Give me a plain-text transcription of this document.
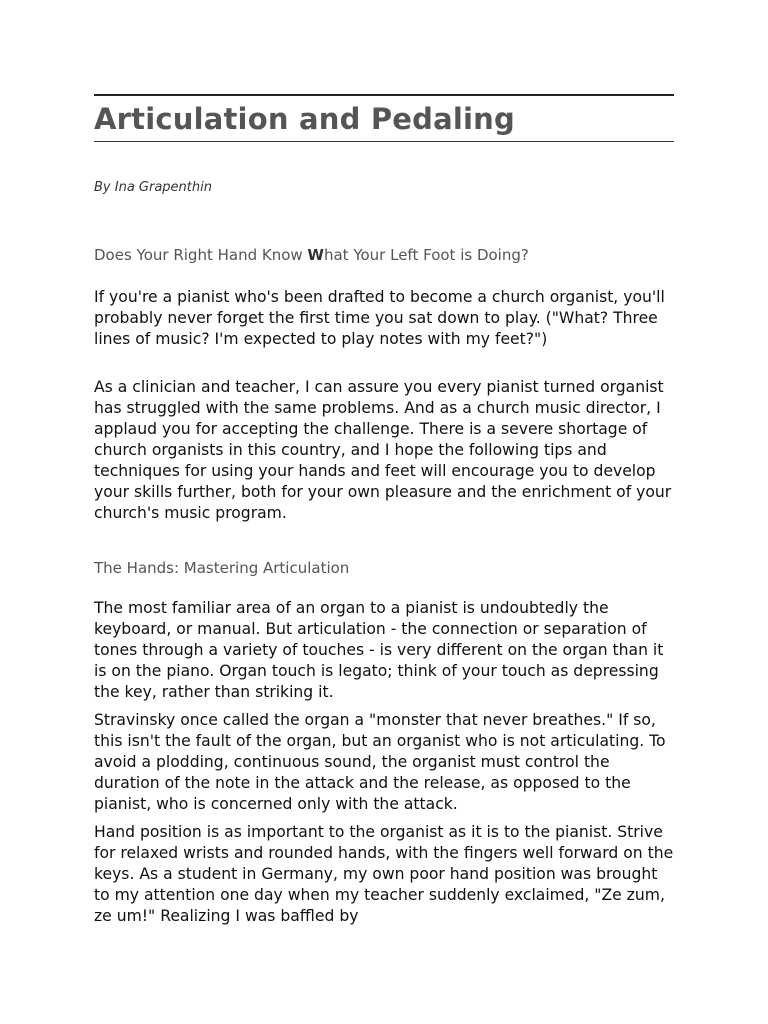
Articulation and Pedaling

By Ina Grapenthin

Does Your Right Hand Know What Your Left Foot is Doing?

If you're a pianist who's been drafted to become a church organist, you'll probably never forget the first time you sat down to play. ("What? Three lines of music? I'm expected to play notes with my feet?")

As a clinician and teacher, I can assure you every pianist turned organist has struggled with the same problems. And as a church music director, I applaud you for accepting the challenge. There is a severe shortage of church organists in this country, and I hope the following tips and techniques for using your hands and feet will encourage you to develop your skills further, both for your own pleasure and the enrichment of your church's music program.

The Hands: Mastering Articulation

The most familiar area of an organ to a pianist is undoubtedly the keyboard, or manual. But articulation - the connection or separation of tones through a variety of touches - is very different on the organ than it is on the piano. Organ touch is legato; think of your touch as depressing the key, rather than striking it.

Stravinsky once called the organ a "monster that never breathes." If so, this isn't the fault of the organ, but an organist who is not articulating. To avoid a plodding, continuous sound, the organist must control the duration of the note in the attack and the release, as opposed to the pianist, who is concerned only with the attack.

Hand position is as important to the organist as it is to the pianist. Strive for relaxed wrists and rounded hands, with the fingers well forward on the keys. As a student in Germany, my own poor hand position was brought to my attention one day when my teacher suddenly exclaimed, "Ze zum, ze um!" Realizing I was baffled by
